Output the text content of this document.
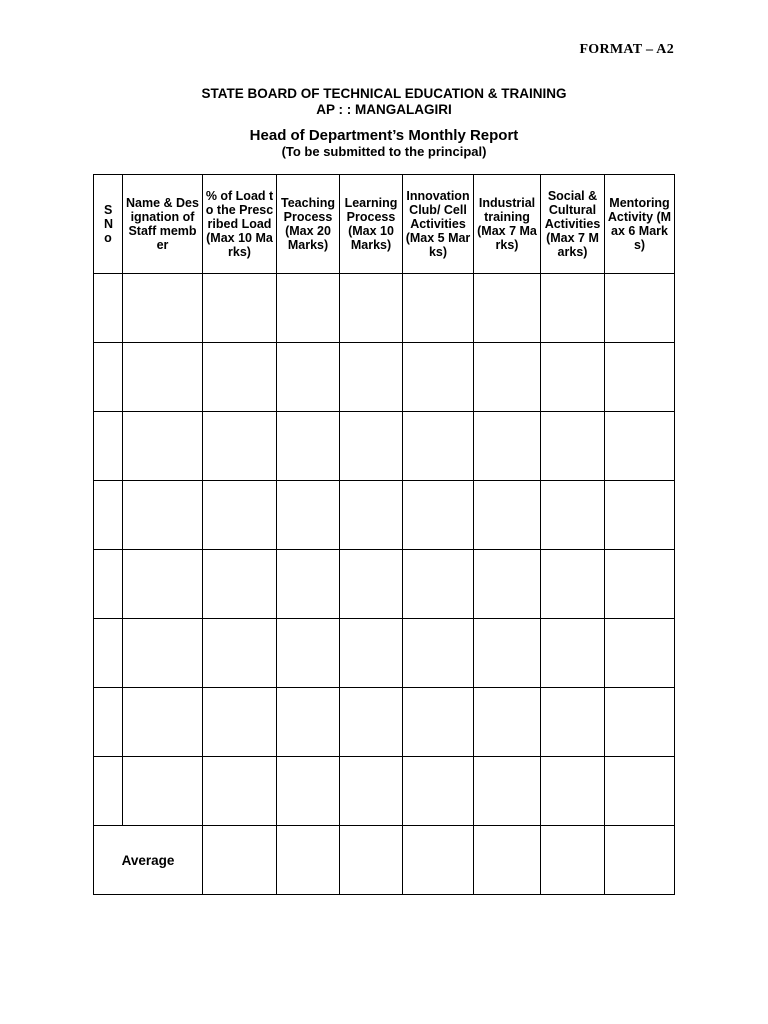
FORMAT – A2
STATE BOARD OF TECHNICAL EDUCATION & TRAINING
AP : : MANGALAGIRI
Head of Department’s Monthly Report
(To be submitted to the principal)
SNo	Name & Designation of Staff member	% of Load to the Prescribed Load (Max 10 Marks)	Teaching Process (Max 20 Marks)	Learning Process (Max 10 Marks)	Innovation Club/ Cell Activities (Max 5 Marks)	Industrial training (Max 7 Marks)	Social & Cultural Activities (Max 7 Marks)	Mentoring Activity (Max 6 Marks)

Average								
